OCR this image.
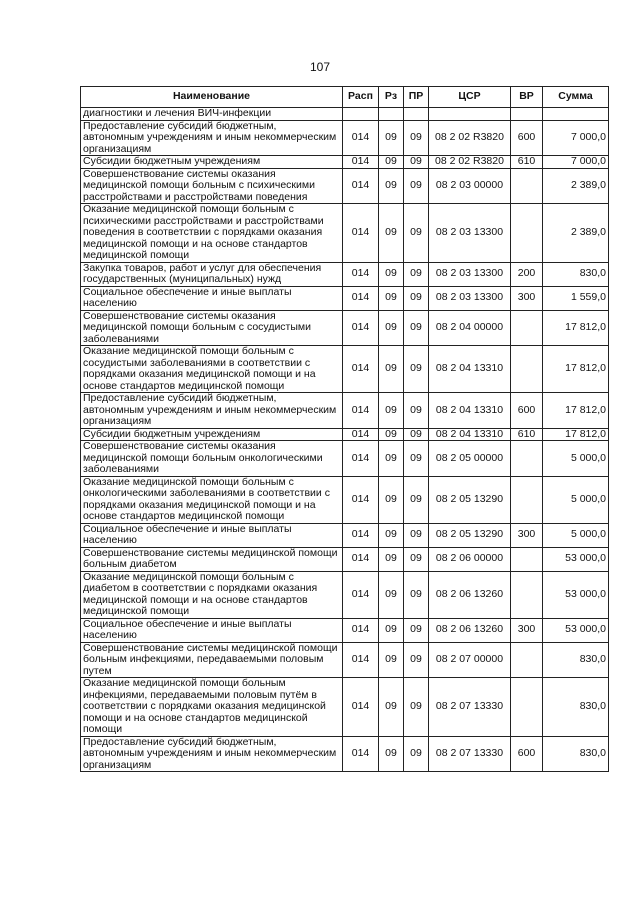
107
Наименование	Расп	Рз	ПР	ЦСР	ВР	Сумма
диагностики и лечения ВИЧ-инфекции						
Предоставление субсидий бюджетным, автономным учреждениям и иным некоммерческим организациям	014	09	09	08 2 02 R3820	600	7 000,0
Субсидии бюджетным учреждениям	014	09	09	08 2 02 R3820	610	7 000,0
Совершенствование системы оказания медицинской помощи больным с психическими расстройствами и расстройствами поведения	014	09	09	08 2 03 00000		2 389,0
Оказание медицинской помощи больным с психическими расстройствами и расстройствами поведения в соответствии с порядками оказания медицинской помощи и на основе стандартов медицинской помощи	014	09	09	08 2 03 13300		2 389,0
Закупка товаров, работ и услуг для обеспечения государственных (муниципальных) нужд	014	09	09	08 2 03 13300	200	830,0
Социальное обеспечение и иные выплаты населению	014	09	09	08 2 03 13300	300	1 559,0
Совершенствование системы оказания медицинской помощи больным с сосудистыми заболеваниями	014	09	09	08 2 04 00000		17 812,0
Оказание медицинской помощи больным с сосудистыми заболеваниями в соответствии с порядками оказания медицинской помощи и на основе стандартов медицинской помощи	014	09	09	08 2 04 13310		17 812,0
Предоставление субсидий бюджетным, автономным учреждениям и иным некоммерческим организациям	014	09	09	08 2 04 13310	600	17 812,0
Субсидии бюджетным учреждениям	014	09	09	08 2 04 13310	610	17 812,0
Совершенствование системы оказания медицинской помощи больным онкологическими заболеваниями	014	09	09	08 2 05 00000		5 000,0
Оказание медицинской помощи больным с онкологическими заболеваниями в соответствии с порядками оказания медицинской помощи и на основе стандартов медицинской помощи	014	09	09	08 2 05 13290		5 000,0
Социальное обеспечение и иные выплаты населению	014	09	09	08 2 05 13290	300	5 000,0
Совершенствование системы медицинской помощи больным диабетом	014	09	09	08 2 06 00000		53 000,0
Оказание медицинской помощи больным с диабетом в соответствии с порядками оказания медицинской помощи и на основе стандартов медицинской помощи	014	09	09	08 2 06 13260		53 000,0
Социальное обеспечение и иные выплаты населению	014	09	09	08 2 06 13260	300	53 000,0
Совершенствование системы медицинской помощи больным инфекциями, передаваемыми половым путем	014	09	09	08 2 07 00000		830,0
Оказание медицинской помощи больным инфекциями, передаваемыми половым путём в соответствии с порядками оказания медицинской помощи и на основе стандартов медицинской помощи	014	09	09	08 2 07 13330		830,0
Предоставление субсидий бюджетным, автономным учреждениям и иным некоммерческим организациям	014	09	09	08 2 07 13330	600	830,0
